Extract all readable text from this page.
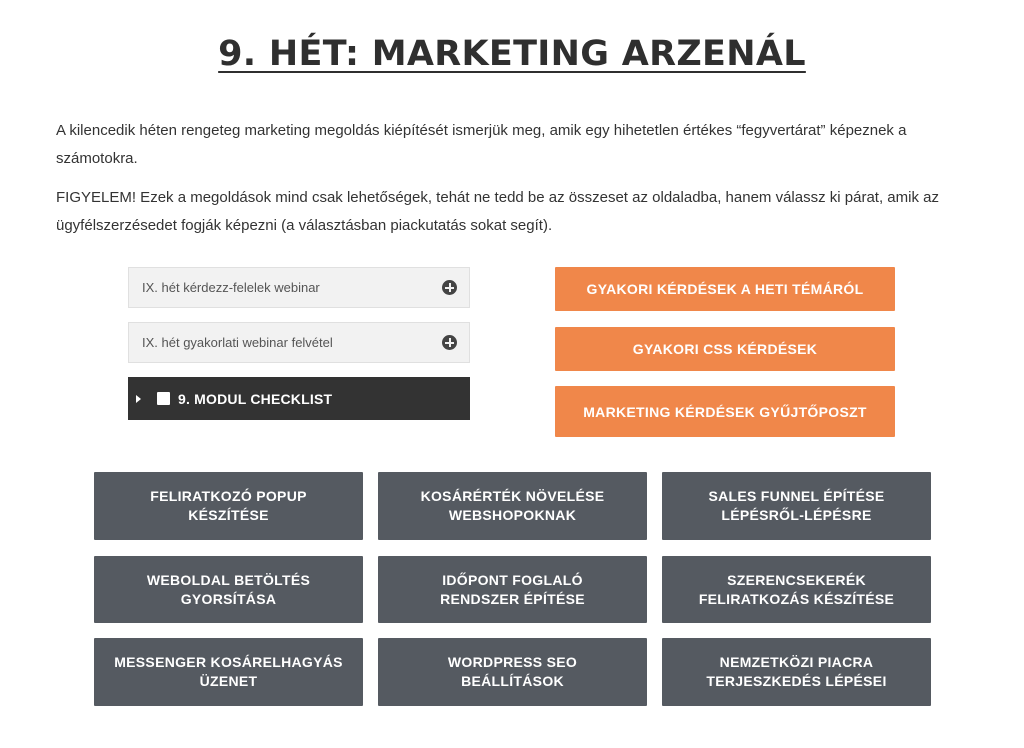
9. HÉT: MARKETING ARZENÁL

A kilencedik héten rengeteg marketing megoldás kiépítését ismerjük meg, amik egy hihetetlen értékes “fegyvertárat” képeznek a számotokra.

FIGYELEM! Ezek a megoldások mind csak lehetőségek, tehát ne tedd be az összeset az oldaladba, hanem válassz ki párat, amik az ügyfélszerzésedet fogják képezni (a választásban piackutatás sokat segít).

IX. hét kérdezz-felelek webinar
IX. hét gyakorlati webinar felvétel
9. MODUL CHECKLIST
GYAKORI KÉRDÉSEK A HETI TÉMÁRÓL
GYAKORI CSS KÉRDÉSEK
MARKETING KÉRDÉSEK GYŰJTŐPOSZT
FELIRATKOZÓ POPUP
KÉSZÍTÉSE
KOSÁRÉRTÉK NÖVELÉSE
WEBSHOPOKNAK
SALES FUNNEL ÉPÍTÉSE
LÉPÉSRŐL-LÉPÉSRE
WEBOLDAL BETÖLTÉS
GYORSÍTÁSA
IDŐPONT FOGLALÓ
RENDSZER ÉPÍTÉSE
SZERENCSEKERÉK
FELIRATKOZÁS KÉSZÍTÉSE
MESSENGER KOSÁRELHAGYÁS
ÜZENET
WORDPRESS SEO
BEÁLLÍTÁSOK
NEMZETKÖZI PIACRA
TERJESZKEDÉS LÉPÉSEI
